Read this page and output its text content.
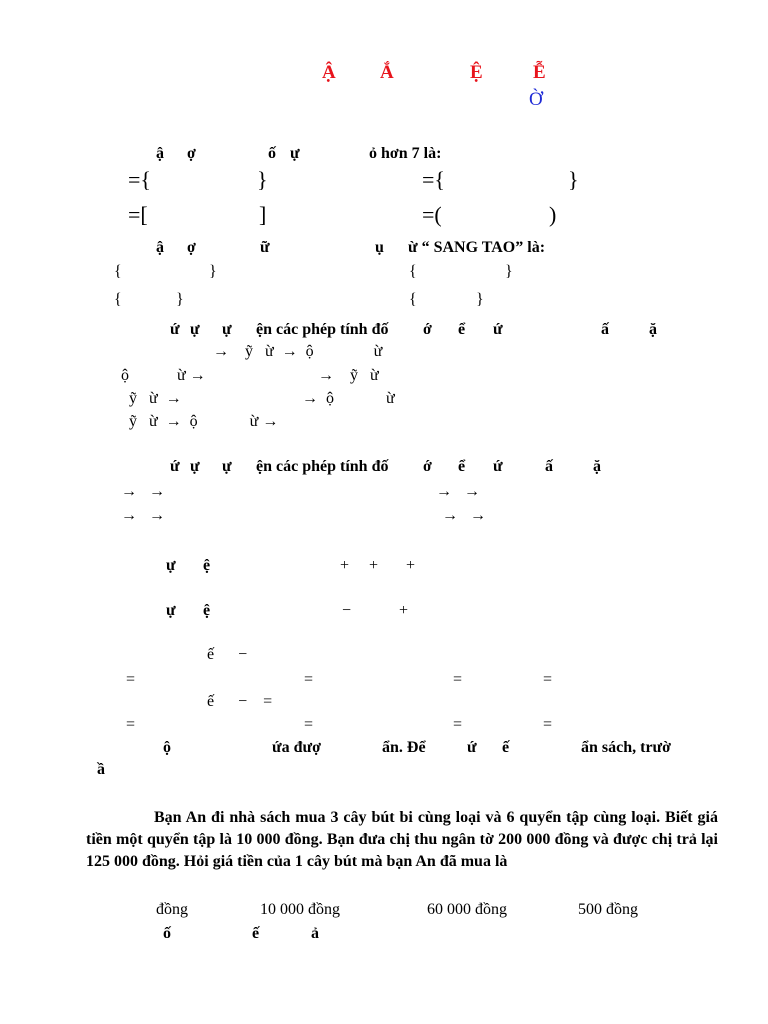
Ậ Ắ	Ệ	Ễ
Ờ
ậ ợ	ố ự	ỏ hơn 7 là:
={	}	={	}
=[	]	=(	)
ậ ợ	ữ	ụ ừ “ SANG TAO” là:
{	}	{	}
{	}	{	}
ứ ự ự ện các phép tính đố ớ ể ứ	ấ	ặ
→    ỹ   ừ  →  ộ               ừ
ộ            ừ →	→    ỹ   ừ
ỹ   ừ  →	→  ộ             ừ
ỹ   ừ  →  ộ             ừ →
ứ ự ự ện các phép tính đố ớ ể ứ	ấ	ặ
→   →	→   →
→   →	→   →
ự ệ	+     +       +
ự ệ	−            +
ế      −
=	=	=	=
ế      −    =
=	=	=	=
ộ	ứa đượ	ẩn. Để	ứ ế	ẩn sách, trườ
ầ
Bạn An đi nhà sách mua 3 cây bút bi cùng loại và 6 quyển tập cùng loại. Biết giá tiền một quyển tập là 10 000 đồng. Bạn đưa chị thu ngân tờ 200 000 đồng và được chị trả lại 125 000 đồng. Hỏi giá tiền của 1 cây bút mà bạn An đã mua là
đồng	10 000 đồng	60 000 đồng	500 đồng
ố	ế	ả
